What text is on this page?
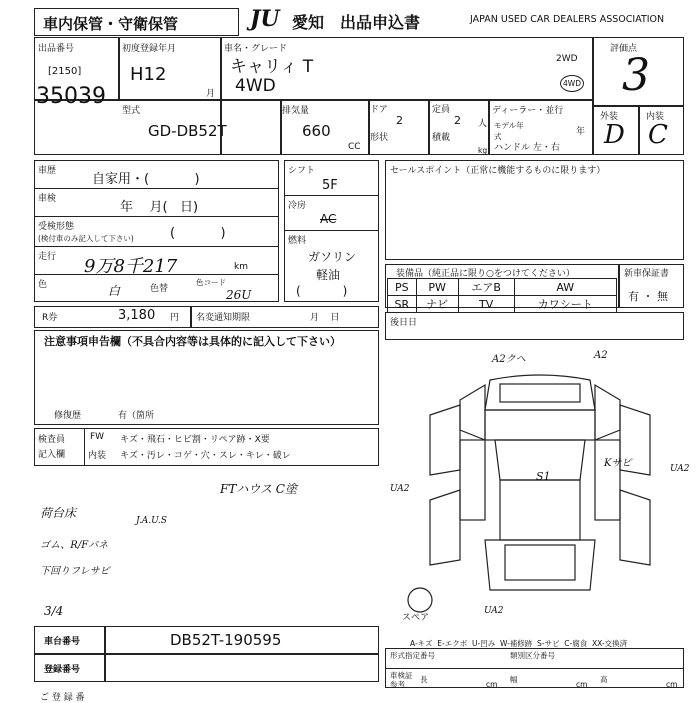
車内保管・守衛保管	JU 愛知 出品申込書	JAPAN USED CAR DEALERS ASSOCIATION
出品番号
[2150]
35039
初度登録年月
H12
月
車名・グレード
キャリィ T
4WD
2WD
4WD
評価点
3
型式
GD-DB52T
排気量
660
CC
ドア
2
形状
定員
2 人
積載
kg
ディーラー・並行
モデル年式	年
ハンドル 左・右
外装	内装
D C
車歴
自家用・(           )
車検
年    月(   日)
受検形態
(検付車のみ記入して下さい)	(           )
走行 9万8千217	km
色	白	色替
色コード
26U
シフト
5F
冷房
AC
燃料
ガソリン
軽油
(           )
セールスポイント（正常に機能するものに限ります）
装備品（純正品に限り○をつけてください）	新車保証書
有 ・ 無
PS	PW	エアB	AW
SR	ナビ	TV	カワシート
R券	3,180 円 名変通知期限	月    日	後日日
注意事項申告欄（不具合内容等は具体的に記入して下さい）
修復歴	有（箇所
検査員
記入欄
FW キズ・飛石・ヒビ割・リペア跡・X要
内装 キズ・汚レ・コゲ・穴・スレ・キレ・破レ
FTハウス C塗
荷台床
J.A.U.S
ゴム、R/Fパネ
下回りフレサビ
3/4
A2クヘ	A2
Kサビ	UA2
UA2
S1
UA2
スペア
A-キズ  E-エクボ  U-凹み  W-補修跡  S-サビ  C-腐食  XX-交換済
車台番号	DB52T-190595
登録番号
形式指定番号	類別区分番号
車検証
参考
長
cm
幅
cm
高
cm
ご 登 録 番
